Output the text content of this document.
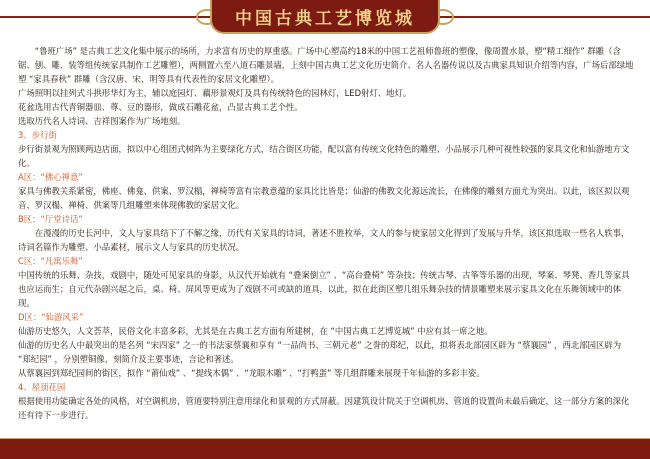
中国古典工艺博览城

“鲁班广场” 是古典工艺文化集中展示的场所，力求富有历史的厚重感。广场中心塑高约18米的中国工艺祖师鲁班的塑像，像周置水景，塑“精工细作” 群雕（含锯、刨、雕、装等组传统家具制作工艺雕塑），两侧置六至八道石雕景墙，上刻中国古典工艺文化历史简介、名人名器传说以及古典家具知识介绍等内容，广场后部绿地塑 “家具春秋” 群雕（含汉唐、宋、明等具有代表性的家居文化雕塑）。

广场照明以挂列式斗拱形华灯为主，辅以庭园灯、藕形景观灯及具有传统特色的园林灯，LED射灯、地灯。

花盆选用古代青铜器皿、尊、豆的器形，做成石雕花盆，凸显古典工艺个性。

选取历代名人诗词、吉祥图案作为广场地刻。

3、步行街

步行街景观为照顾两边店面，拟以中心组团式树阵为主要绿化方式，结合街区功能，配以富有传统文化特色的雕塑、小品展示几种可视性较强的家具文化和仙游地方文化。

A区：“佛心禅意”

家具与佛教关系紧密，佛座、佛龛、供案、罗汉榻，禅椅等富有宗教意蕴的家具比比皆是；仙游的佛教文化源远流长，在佛像的雕刻方面尤为突出。以此，该区拟以观音、罗汉榻、禅椅、供案等几组雕塑来体现佛教的家居文化。

B区：“厅堂诗话”

在漫漫的历史长河中，文人与家具结下了不解之缘，历代有关家具的诗词，著述不胜枚举，文人的参与使家居文化得到了发展与升华，该区拟选取一些名人轶事，诗词名篇作为雕塑、小品素材，展示文人与家具的历史状况。

C区：“凡寓乐舞”

中国传统的乐舞、杂技，戏剧中，随处可见家具的身影，从汉代开始就有 “叠案倒立” 、“高台叠椅” 等杂技；传统古琴、古筝等乐器的出现，琴案、琴凳、香几等家具也应运而生；自元代杂剧兴起之后，桌、椅、屏风等更成为了戏剧不可或缺的道具，以此，拟在此街区塑几组乐舞杂技的情景雕塑来展示家具文化在乐舞领域中的体现。

D区：“仙游风采”

仙游历史悠久，人文荟萃，民俗文化丰富多彩，尤其是在古典工艺方面有所建树，在 “中国古典工艺博览城” 中应有其一席之地。

仙游的历史名人中最突出的是名列 “宋四家” 之一的书法家蔡襄和享有 “一品尚书、三朝元老” 之誉的郑纪，以此，拟将表北部园区辟为 “蔡襄园” ，西北部园区辟为 “郑纪园” ，分别塑铜像，刻简介及主要事迹，言论和著述。

从蔡襄园到郑纪园间的街区，拟作 “莆仙戏” 、“提线木偶” 、“龙眼木雕” 、“打鸭蛋” 等几组群雕来展现千年仙游的多彩丰姿。

4、屋顶花园

根据使用功能确定各处的风格，对空调机房，管道要特别注意用绿化和景观的方式屏蔽。因建筑设计院关于空调机房、管道的设置尚未最后确定，这一部分方案的深化还有待下一步进行。
